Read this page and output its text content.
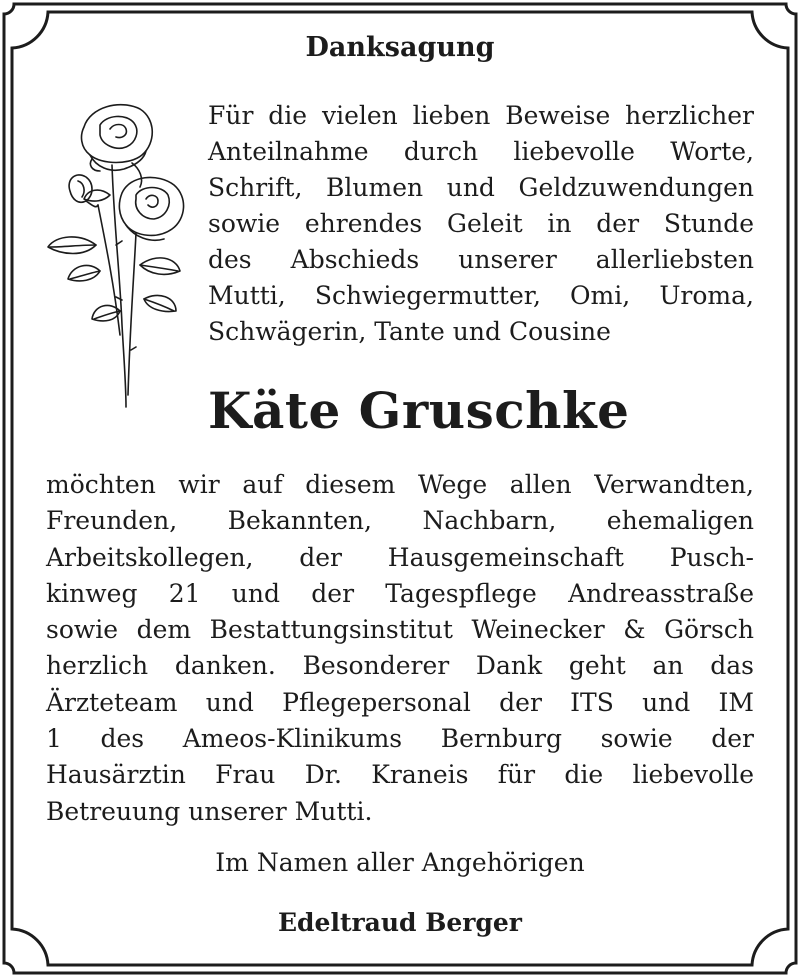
Danksagung
Für die vielen lieben Beweise herzlicher
Anteilnahme durch liebevolle Worte,
Schrift, Blumen und Geldzuwendungen
sowie ehrendes Geleit in der Stunde
des Abschieds unserer allerliebsten
Mutti, Schwiegermutter, Omi, Uroma,
Schwägerin, Tante und Cousine
Käte Gruschke
möchten wir auf diesem Wege allen Verwandten,
Freunden, Bekannten, Nachbarn, ehemaligen
Arbeitskollegen, der Hausgemeinschaft Pusch-
kinweg 21 und der Tagespflege Andreasstraße
sowie dem Bestattungsinstitut Weinecker & Görsch
herzlich danken. Besonderer Dank geht an das
Ärzteteam und Pflegepersonal der ITS und IM
1 des Ameos-Klinikums Bernburg sowie der
Hausärztin Frau Dr. Kraneis für die liebevolle
Betreuung unserer Mutti.
Im Namen aller Angehörigen
Edeltraud Berger
